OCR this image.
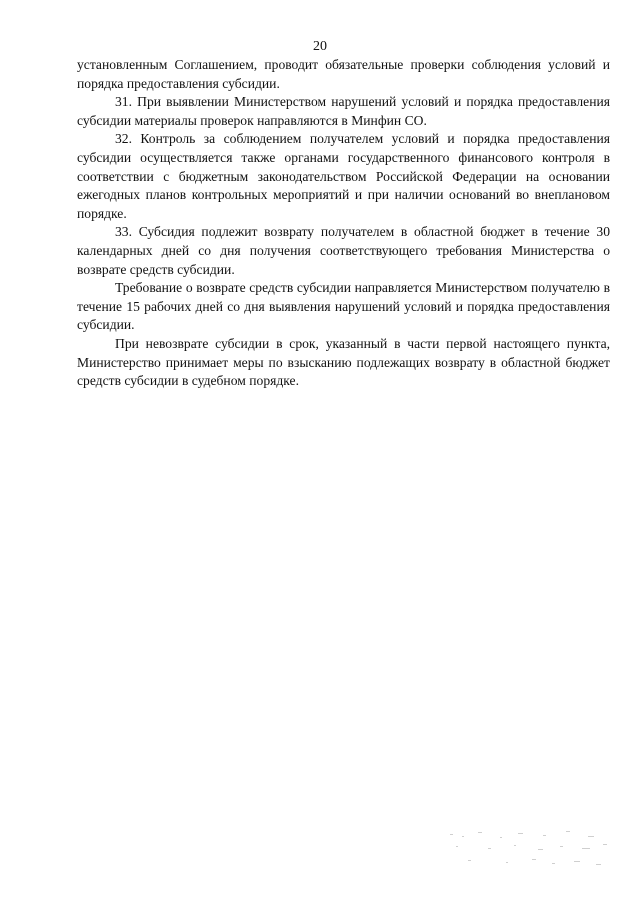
20

установленным Соглашением, проводит обязательные проверки соблюдения условий и порядка предоставления субсидии.

31. При выявлении Министерством нарушений условий и порядка предоставления субсидии материалы проверок направляются в Минфин СО.

32. Контроль за соблюдением получателем условий и порядка предоставления субсидии осуществляется также органами государственного финансового контроля в соответствии с бюджетным законодательством Российской Федерации на основании ежегодных планов контрольных мероприятий и при наличии оснований во внеплановом порядке.

33. Субсидия подлежит возврату получателем в областной бюджет в течение 30 календарных дней со дня получения соответствующего требования Министерства о возврате средств субсидии.

Требование о возврате средств субсидии направляется Министерством получателю в течение 15 рабочих дней со дня выявления нарушений условий и порядка предоставления субсидии.

При невозврате субсидии в срок, указанный в части первой настоящего пункта, Министерство принимает меры по взысканию подлежащих возврату в областной бюджет средств субсидии в судебном порядке.
